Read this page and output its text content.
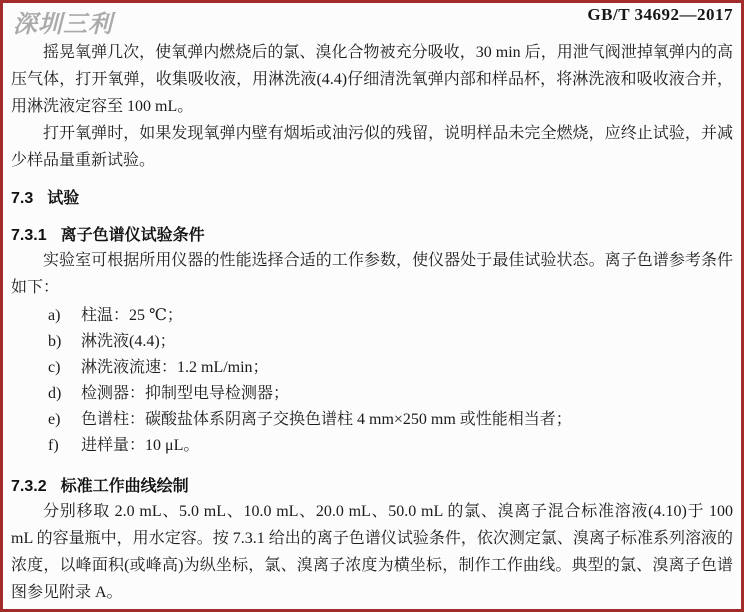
深圳三利	GB/T 34692—2017

摇晃氧弹几次，使氧弹内燃烧后的氯、溴化合物被充分吸收，30 min 后，用泄气阀泄掉氧弹内的高压气体，打开氧弹，收集吸收液，用淋洗液(4.4)仔细清洗氧弹内部和样品杯，将淋洗液和吸收液合并，用淋洗液定容至 100 mL。

打开氧弹时，如果发现氧弹内壁有烟垢或油污似的残留，说明样品未完全燃烧，应终止试验，并减少样品量重新试验。

7.3 试验
7.3.1 离子色谱仪试验条件

实验室可根据所用仪器的性能选择合适的工作参数，使仪器处于最佳试验状态。离子色谱参考条件如下：

a) 柱温：25 ℃；
b) 淋洗液(4.4)；
c) 淋洗液流速：1.2 mL/min；
d) 检测器：抑制型电导检测器；
e) 色谱柱：碳酸盐体系阴离子交换色谱柱 4 mm×250 mm 或性能相当者；
f) 进样量：10 μL。
7.3.2 标准工作曲线绘制

分别移取 2.0 mL、5.0 mL、10.0 mL、20.0 mL、50.0 mL 的氯、溴离子混合标准溶液(4.10)于 100 mL 的容量瓶中，用水定容。按 7.3.1 给出的离子色谱仪试验条件，依次测定氯、溴离子标准系列溶液的浓度，以峰面积(或峰高)为纵坐标，氯、溴离子浓度为横坐标，制作工作曲线。典型的氯、溴离子色谱图参见附录 A。
